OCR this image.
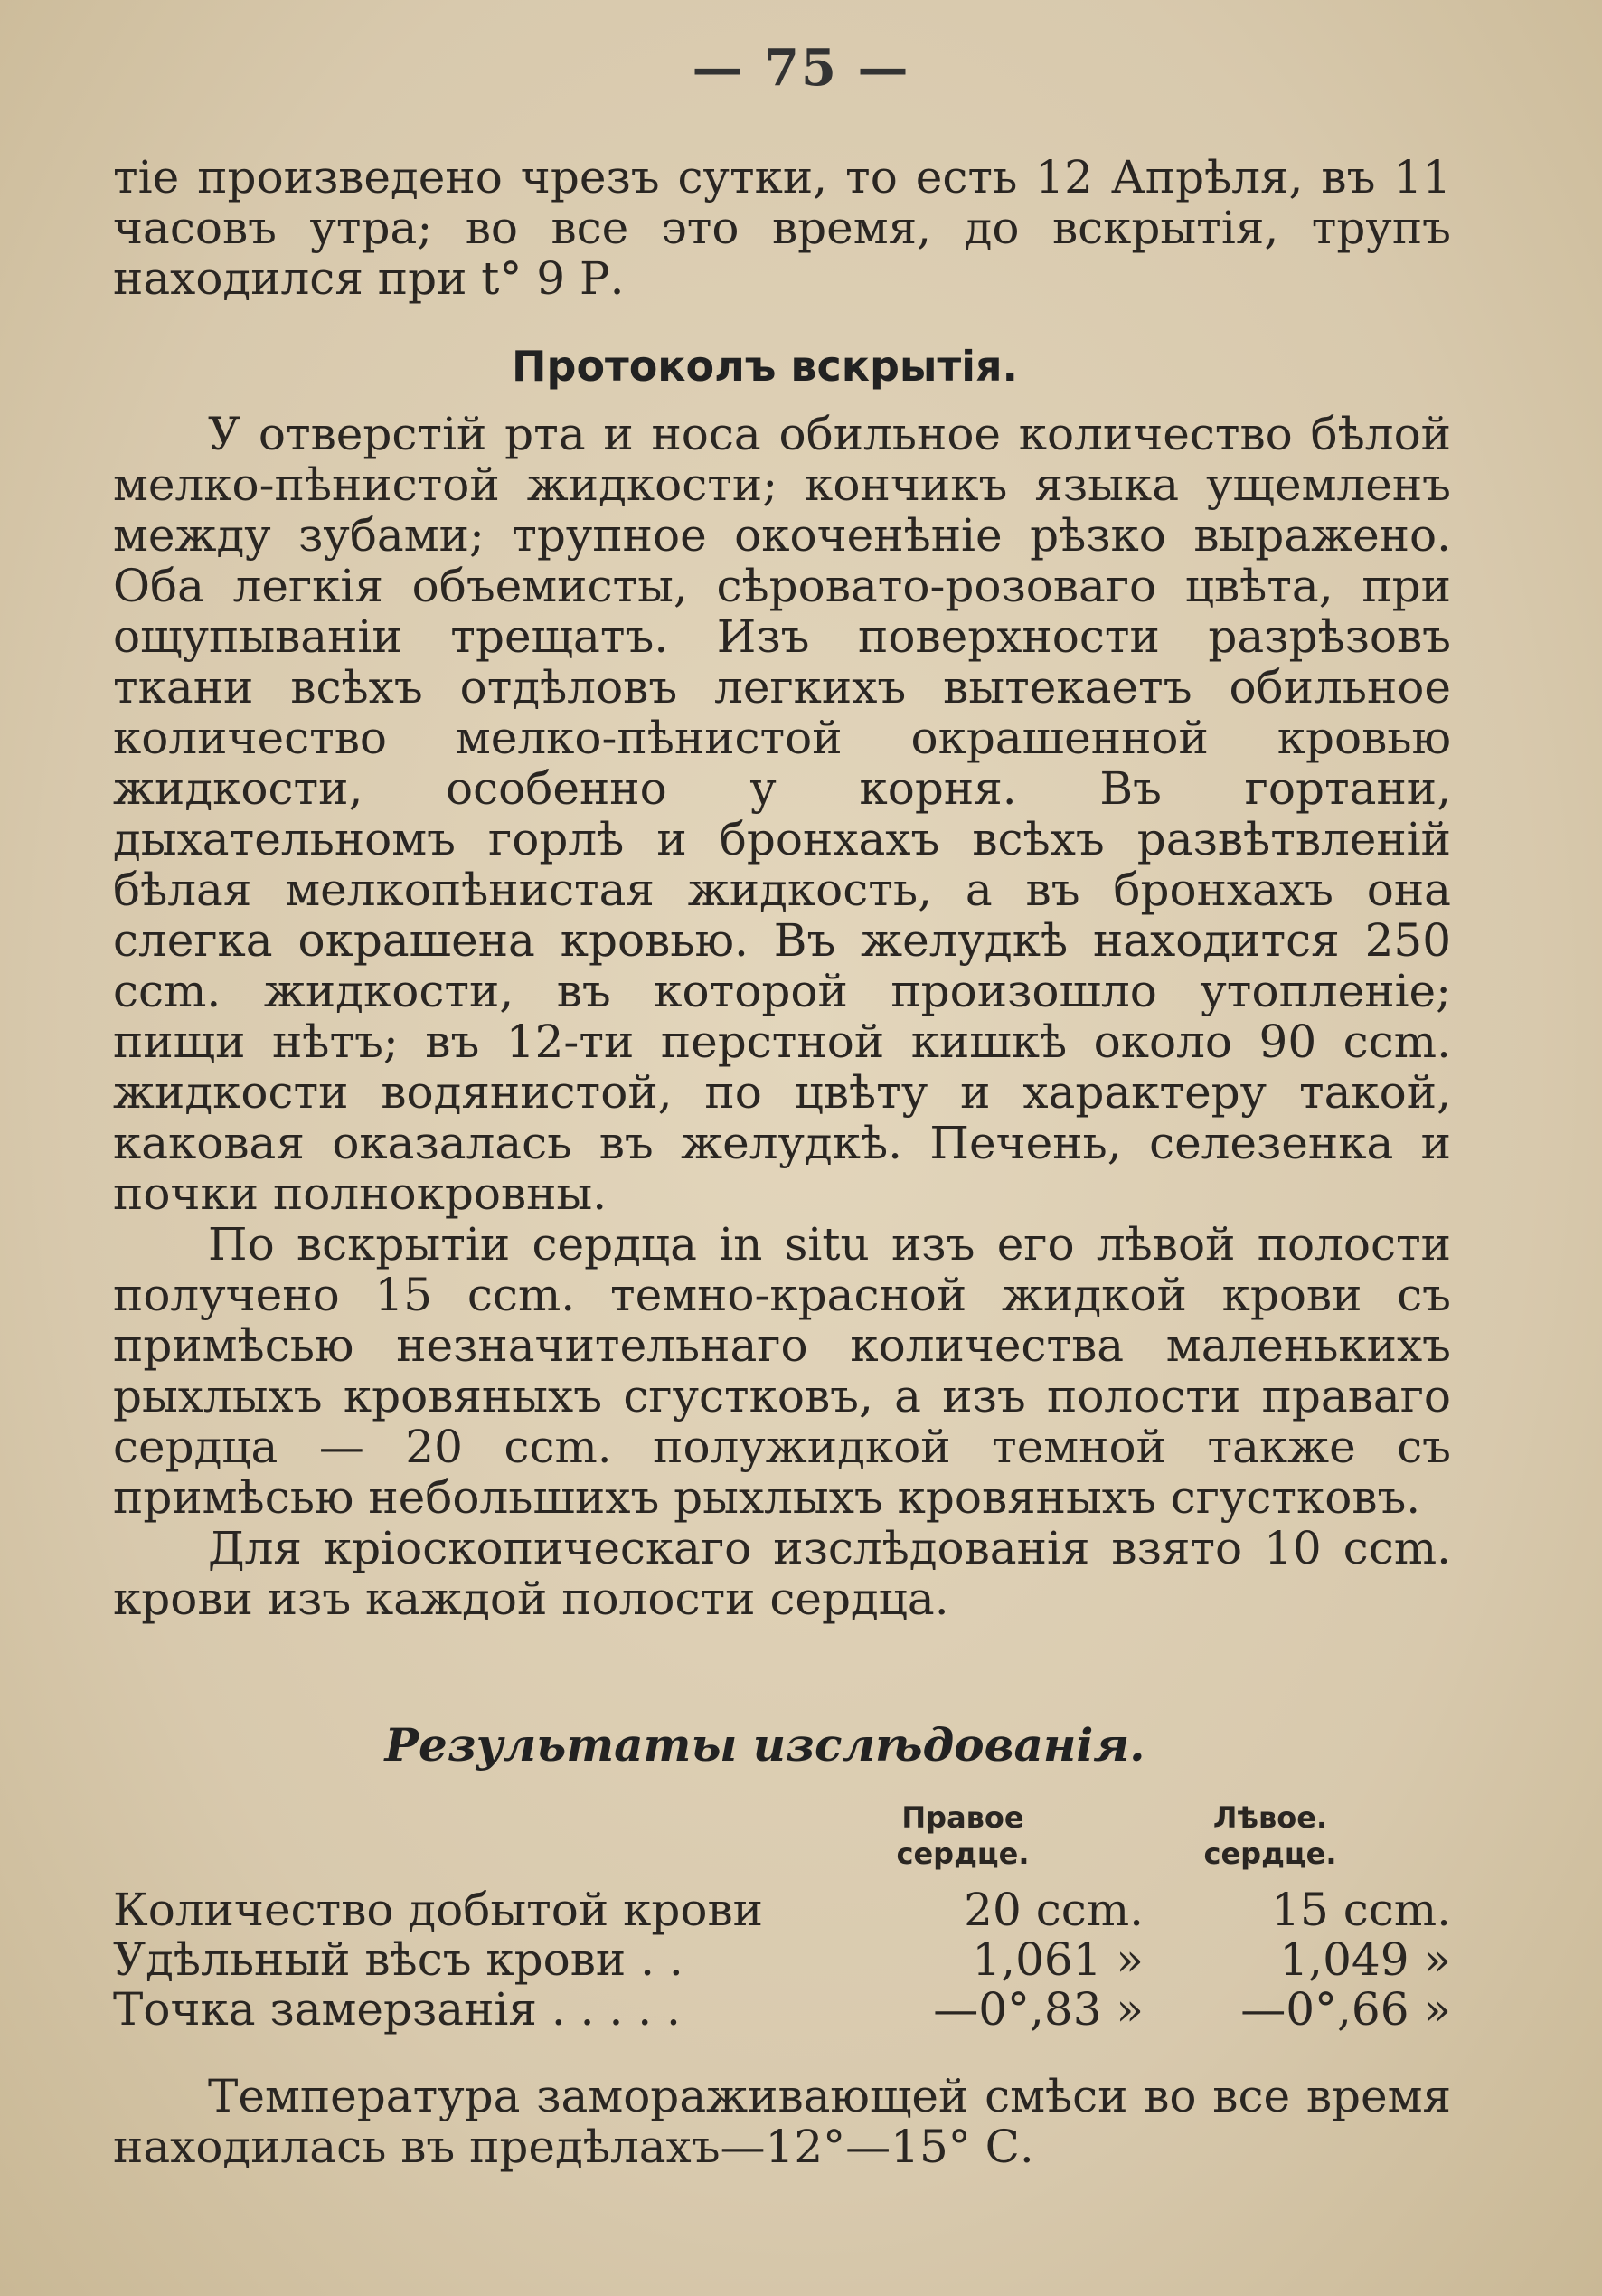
— 75 —

тіе произведено чрезъ сутки, то есть 12 Апрѣля, въ 11 часовъ утра; во все это время, до вскрытія, трупъ находился при t° 9 Р.

Протоколъ вскрытія.

У отверстій рта и носа обильное количество бѣлой мелко-пѣнистой жидкости; кончикъ языка ущемленъ между зубами; трупное окоченѣніе рѣзко выражено. Оба легкія объемисты, сѣровато-розоваго цвѣта, при ощупываніи трещатъ. Изъ поверхности разрѣзовъ ткани всѣхъ отдѣловъ легкихъ вытекаетъ обильное количество мелко-пѣнистой окрашенной кровью жидкости, особенно у корня. Въ гортани, дыхательномъ горлѣ и бронхахъ всѣхъ развѣтвленій бѣлая мелкопѣнистая жидкость, а въ бронхахъ она слегка окрашена кровью. Въ желудкѣ находится 250 ccm. жидкости, въ которой произошло утопленіе; пищи нѣтъ; въ 12-ти перстной кишкѣ около 90 ccm. жидкости водянистой, по цвѣту и характеру такой, каковая оказалась въ желудкѣ. Печень, селезенка и почки полнокровны.

По вскрытіи сердца in situ изъ его лѣвой полости получено 15 ccm. темно-красной жидкой крови съ примѣсью незначительнаго количества маленькихъ рыхлыхъ кровяныхъ сгустковъ, а изъ полости праваго сердца — 20 ccm. полужидкой темной также съ примѣсью небольшихъ рыхлыхъ кровяныхъ сгустковъ.

Для кріоскопическаго изслѣдованія взято 10 ccm. крови изъ каждой полости сердца.

Результаты изслѣдованія.
Правое сердце.
Лѣвое. сердце.
Количество добытой крови	20 ccm.	15 ccm.
Удѣльный вѣсъ крови . .	1,061 »	1,049 »
Точка замерзанія . . . . .	—0°,83 »	—0°,66 »

Температура замораживающей смѣси во все время находилась въ предѣлахъ—12°—15° С.
